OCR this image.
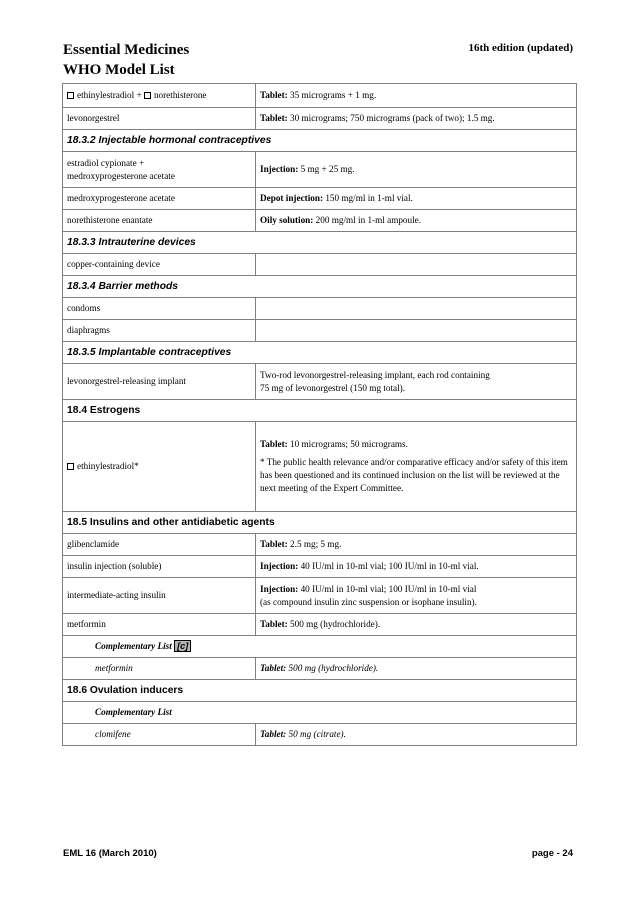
Essential Medicines
WHO Model List
16th edition (updated)
ethinylestradiol + norethisterone	Tablet: 35 micrograms + 1 mg.
levonorgestrel	Tablet: 30 micrograms; 750 micrograms (pack of two); 1.5 mg.
18.3.2 Injectable hormonal contraceptives	

estradiol cypionate +
medroxyprogesterone acetate	Injection: 5 mg + 25 mg.
medroxyprogesterone acetate	Depot injection: 150 mg/ml in 1-ml vial.
norethisterone enantate	Oily solution: 200 mg/ml in 1-ml ampoule.
18.3.3 Intrauterine devices	
copper-containing device	
18.3.4 Barrier methods	
condoms	
diaphragms	
18.3.5 Implantable contraceptives	
levonorgestrel-releasing implant	Two-rod levonorgestrel-releasing implant, each rod containing
75 mg of levonorgestrel (150 mg total).

18.4 Estrogens	
ethinylestradiol*	Tablet: 10 micrograms; 50 micrograms.
* The public health relevance and/or comparative efficacy and/or safety of this item has been questioned and its continued inclusion on the list will be reviewed at the next meeting of the Expert Committee.

18.5 Insulins and other antidiabetic agents	
glibenclamide	Tablet: 2.5 mg; 5 mg.
insulin injection (soluble)	Injection: 40 IU/ml in 10-ml vial; 100 IU/ml in 10-ml vial.
intermediate-acting insulin	Injection: 40 IU/ml in 10-ml vial; 100 IU/ml in 10-ml vial
(as compound insulin zinc suspension or isophane insulin).

metformin	Tablet: 500 mg (hydrochloride).
Complementary List [c]	
metformin	Tablet: 500 mg (hydrochloride).
18.6 Ovulation inducers	
Complementary List	
clomifene	Tablet: 50 mg (citrate).
EML 16 (March 2010)	page - 24
